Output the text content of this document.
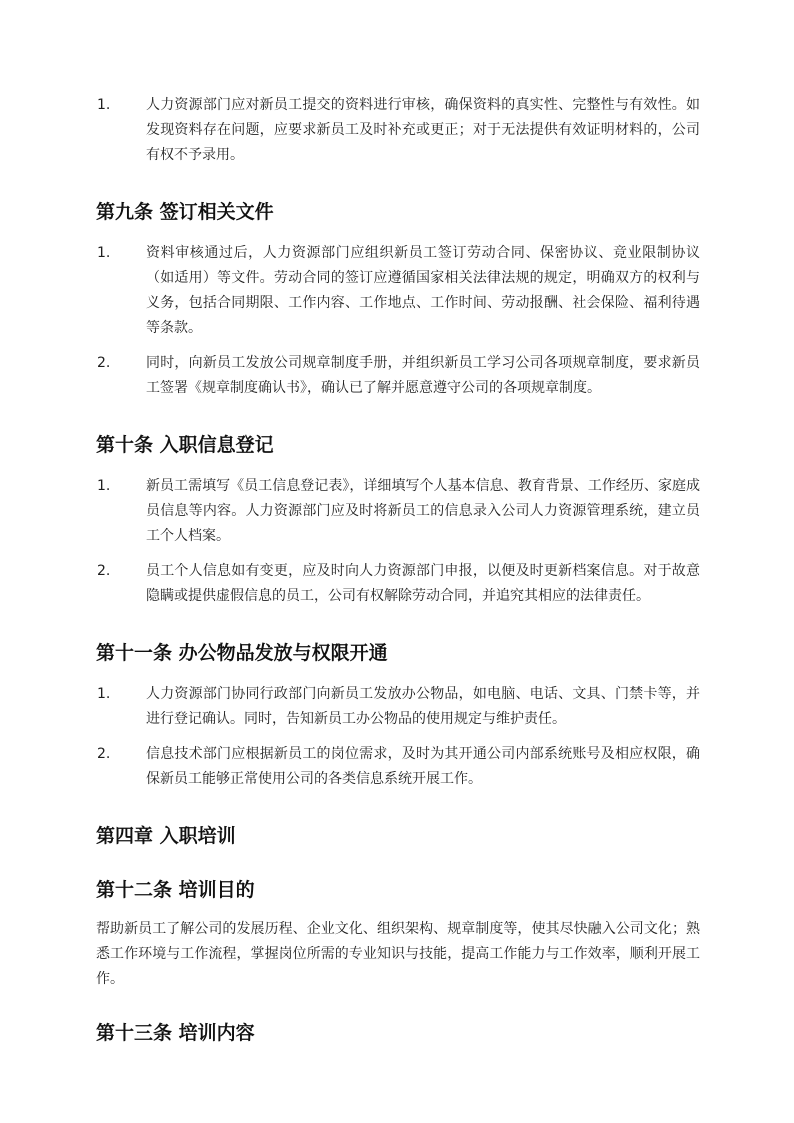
1.	人力资源部门应对新员工提交的资料进行审核，确保资料的真实性、完整性与有效性。如发现资料存在问题，应要求新员工及时补充或更正；对于无法提供有效证明材料的，公司有权不予录用。
第九条 签订相关文件
1.	资料审核通过后，人力资源部门应组织新员工签订劳动合同、保密协议、竞业限制协议（如适用）等文件。劳动合同的签订应遵循国家相关法律法规的规定，明确双方的权利与义务，包括合同期限、工作内容、工作地点、工作时间、劳动报酬、社会保险、福利待遇等条款。
2.	同时，向新员工发放公司规章制度手册，并组织新员工学习公司各项规章制度，要求新员工签署《规章制度确认书》，确认已了解并愿意遵守公司的各项规章制度。
第十条 入职信息登记
1.	新员工需填写《员工信息登记表》，详细填写个人基本信息、教育背景、工作经历、家庭成员信息等内容。人力资源部门应及时将新员工的信息录入公司人力资源管理系统，建立员工个人档案。
2.	员工个人信息如有变更，应及时向人力资源部门申报，以便及时更新档案信息。对于故意隐瞒或提供虚假信息的员工，公司有权解除劳动合同，并追究其相应的法律责任。
第十一条 办公物品发放与权限开通
1.	人力资源部门协同行政部门向新员工发放办公物品，如电脑、电话、文具、门禁卡等，并进行登记确认。同时，告知新员工办公物品的使用规定与维护责任。
2.	信息技术部门应根据新员工的岗位需求，及时为其开通公司内部系统账号及相应权限，确保新员工能够正常使用公司的各类信息系统开展工作。
第四章 入职培训
第十二条 培训目的

帮助新员工了解公司的发展历程、企业文化、组织架构、规章制度等，使其尽快融入公司文化；熟悉工作环境与工作流程，掌握岗位所需的专业知识与技能，提高工作能力与工作效率，顺利开展工作。

第十三条 培训内容
